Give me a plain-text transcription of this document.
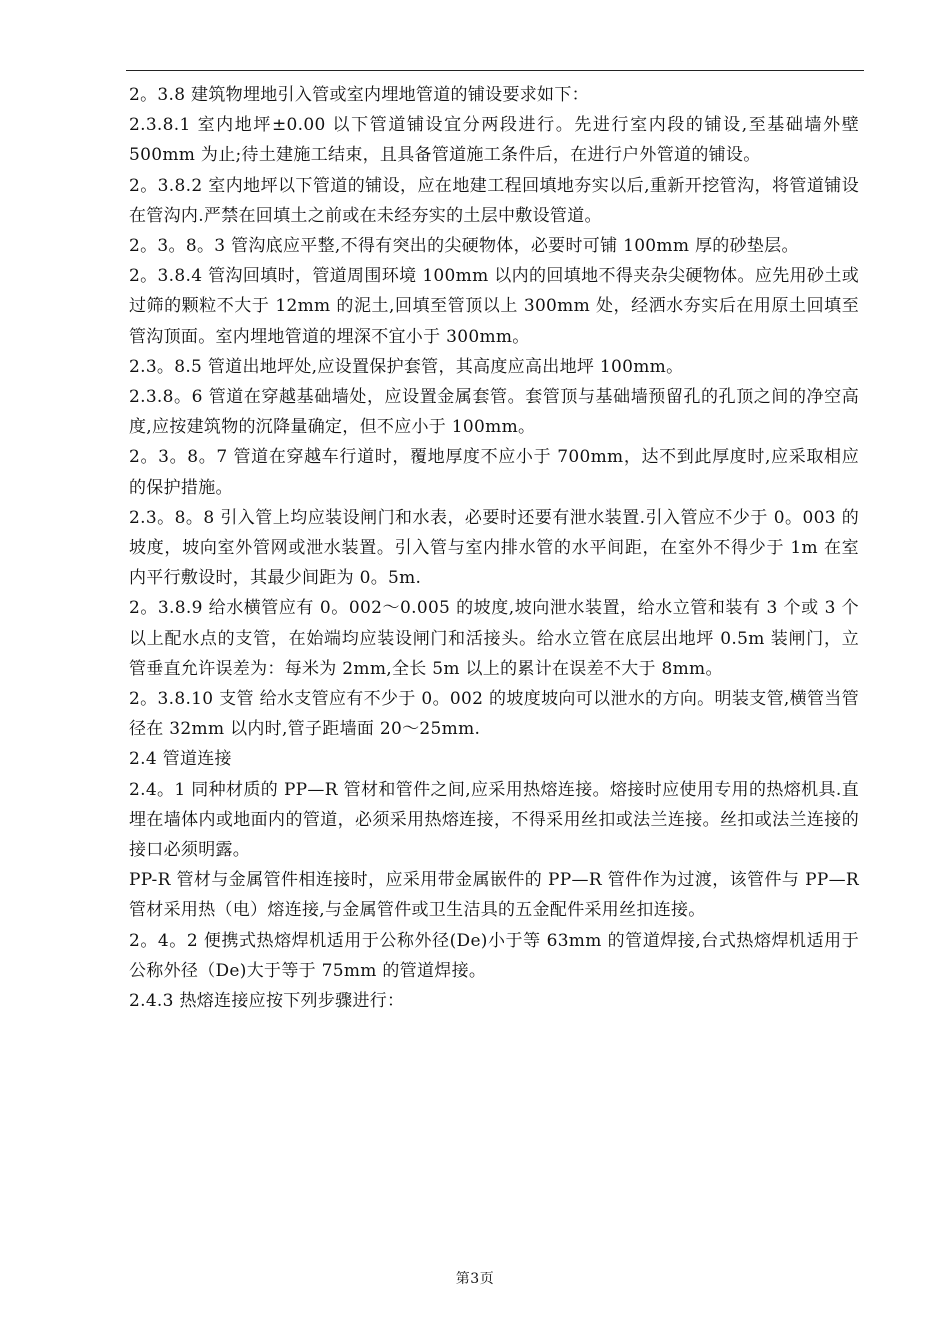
2。3.8 建筑物埋地引入管或室内埋地管道的铺设要求如下：

2.3.8.1 室内地坪±0.00 以下管道铺设宜分两段进行。先进行室内段的铺设,至基础墙外壁500mm 为止;待土建施工结束，且具备管道施工条件后，在进行户外管道的铺设。

2。3.8.2 室内地坪以下管道的铺设，应在地建工程回填地夯实以后,重新开挖管沟，将管道铺设在管沟内.严禁在回填土之前或在未经夯实的土层中敷设管道。

2。3。8。3 管沟底应平整,不得有突出的尖硬物体，必要时可铺 100mm 厚的砂垫层。

2。3.8.4 管沟回填时，管道周围环境 100mm 以内的回填地不得夹杂尖硬物体。应先用砂土或过筛的颗粒不大于 12mm 的泥土,回填至管顶以上 300mm 处，经洒水夯实后在用原土回填至管沟顶面。室内埋地管道的埋深不宜小于 300mm。

2.3。8.5 管道出地坪处,应设置保护套管，其高度应高出地坪 100mm。

2.3.8。6 管道在穿越基础墙处，应设置金属套管。套管顶与基础墙预留孔的孔顶之间的净空高度,应按建筑物的沉降量确定，但不应小于 100mm。

2。3。8。7 管道在穿越车行道时，覆地厚度不应小于 700mm，达不到此厚度时,应采取相应的保护措施。

2.3。8。8 引入管上均应装设闸门和水表，必要时还要有泄水装置.引入管应不少于 0。003 的坡度，坡向室外管网或泄水装置。引入管与室内排水管的水平间距，在室外不得少于 1m 在室内平行敷设时，其最少间距为 0。5m.

2。3.8.9 给水横管应有 0。002～0.005 的坡度,坡向泄水装置，给水立管和装有 3 个或 3 个以上配水点的支管，在始端均应装设闸门和活接头。给水立管在底层出地坪 0.5m 装闸门，立管垂直允许误差为：每米为 2mm,全长 5m 以上的累计在误差不大于 8mm。

2。3.8.10 支管 给水支管应有不少于 0。002 的坡度坡向可以泄水的方向。明装支管,横管当管径在 32mm 以内时,管子距墙面 20～25mm.

2.4 管道连接

2.4。1 同种材质的 PP—R 管材和管件之间,应采用热熔连接。熔接时应使用专用的热熔机具.直埋在墙体内或地面内的管道，必须采用热熔连接，不得采用丝扣或法兰连接。丝扣或法兰连接的接口必须明露。

PP-R 管材与金属管件相连接时，应采用带金属嵌件的 PP—R 管件作为过渡，该管件与 PP—R 管材采用热（电）熔连接,与金属管件或卫生洁具的五金配件采用丝扣连接。

2。4。2 便携式热熔焊机适用于公称外径(De)小于等 63mm 的管道焊接,台式热熔焊机适用于公称外径（De)大于等于 75mm 的管道焊接。

2.4.3 热熔连接应按下列步骤进行：

第3页
